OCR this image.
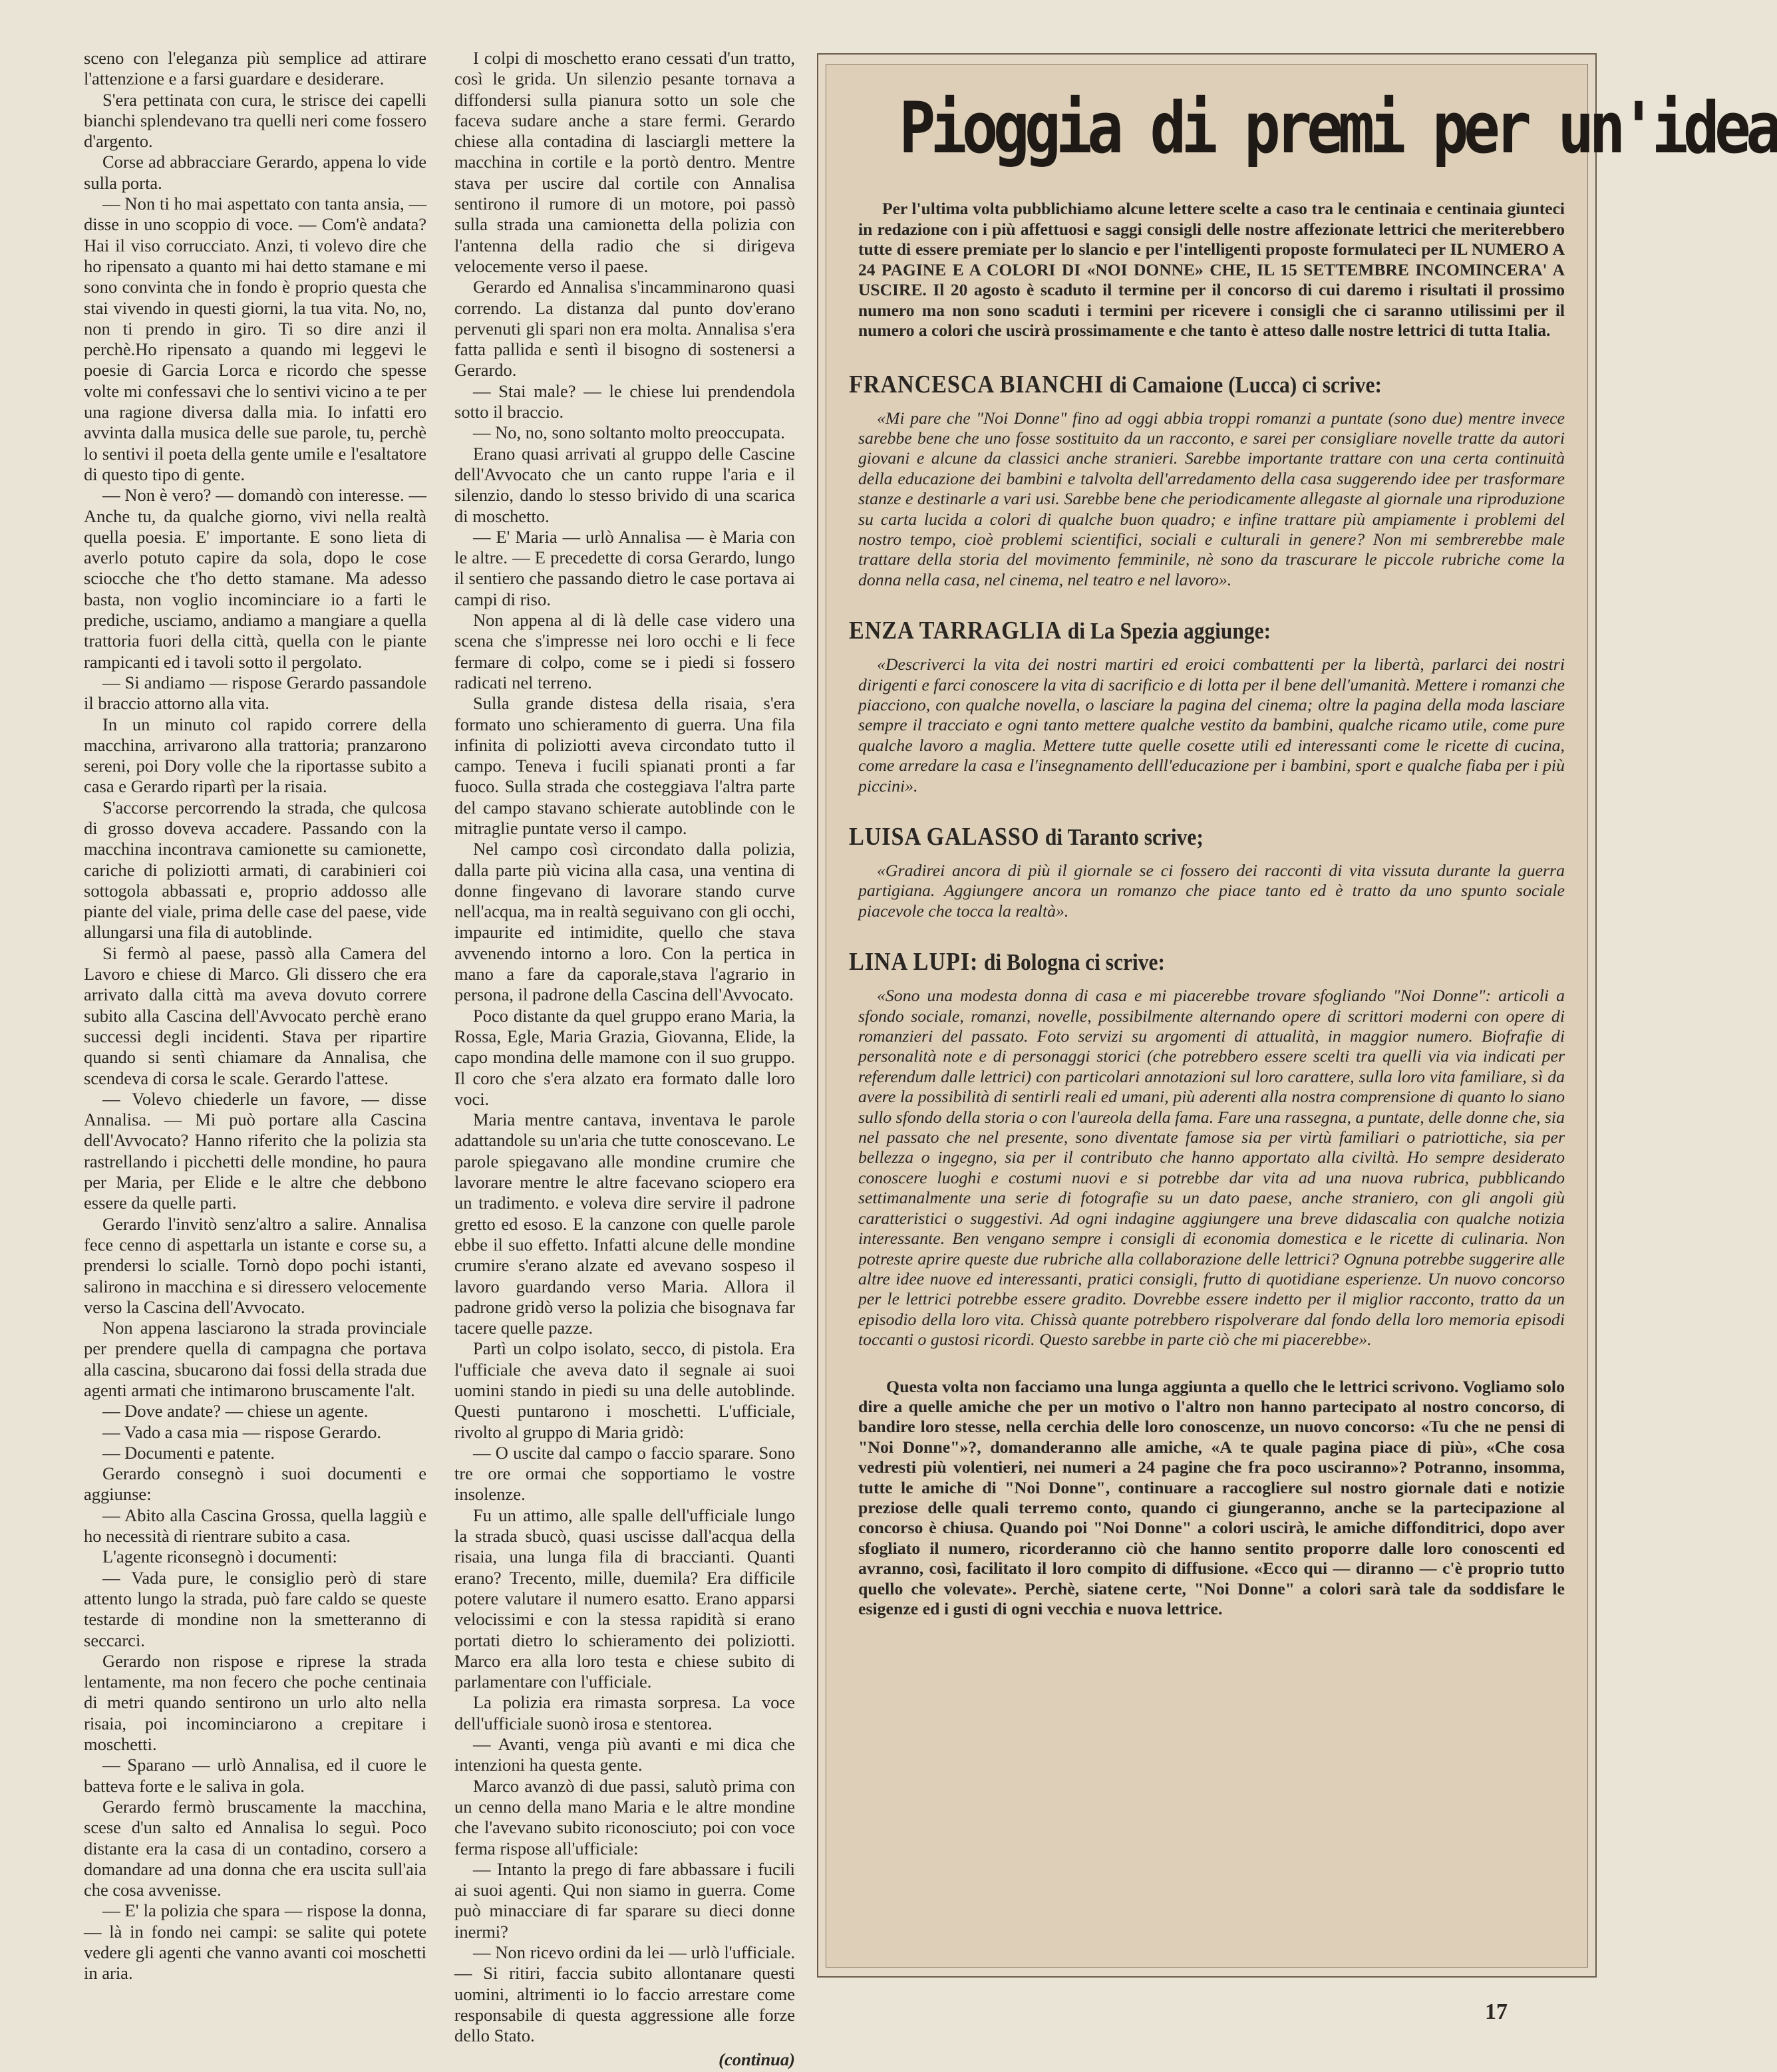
sceno con l'eleganza più semplice ad attirare l'attenzione e a farsi guardare e desiderare.

S'era pettinata con cura, le strisce dei capelli bianchi splendevano tra quelli neri come fossero d'argento.

Corse ad abbracciare Gerardo, appena lo vide sulla porta.

— Non ti ho mai aspettato con tanta ansia, — disse in uno scoppio di voce. — Com'è andata? Hai il viso corrucciato. Anzi, ti volevo dire che ho ripensato a quanto mi hai detto stamane e mi sono convinta che in fondo è proprio questa che stai vivendo in questi giorni, la tua vita. No, no, non ti prendo in giro. Ti so dire anzi il perchè.Ho ripensato a quando mi leggevi le poesie di Garcia Lorca e ricordo che spesse volte mi confessavi che lo sentivi vicino a te per una ragione diversa dalla mia. Io infatti ero avvinta dalla musica delle sue parole, tu, perchè lo sentivi il poeta della gente umile e l'esaltatore di questo tipo di gente.

— Non è vero? — domandò con interesse. — Anche tu, da qualche giorno, vivi nella realtà quella poesia. E' importante. E sono lieta di averlo potuto capire da sola, dopo le cose sciocche che t'ho detto stamane. Ma adesso basta, non voglio incominciare io a farti le prediche, usciamo, andiamo a mangiare a quella trattoria fuori della città, quella con le piante rampicanti ed i tavoli sotto il pergolato.

— Si andiamo — rispose Gerardo passandole il braccio attorno alla vita.

In un minuto col rapido correre della macchina, arrivarono alla trattoria; pranzarono sereni, poi Dory volle che la riportasse subito a casa e Gerardo ripartì per la risaia.

S'accorse percorrendo la strada, che qulcosa di grosso doveva accadere. Passando con la macchina incontrava camionette su camionette, cariche di poliziotti armati, di carabinieri coi sottogola abbassati e, proprio addosso alle piante del viale, prima delle case del paese, vide allungarsi una fila di autoblinde.

Si fermò al paese, passò alla Camera del Lavoro e chiese di Marco. Gli dissero che era arrivato dalla città ma aveva dovuto correre subito alla Cascina dell'Avvocato perchè erano successi degli incidenti. Stava per ripartire quando si sentì chiamare da Annalisa, che scendeva di corsa le scale. Gerardo l'attese.

— Volevo chiederle un favore, — disse Annalisa. — Mi può portare alla Cascina dell'Avvocato? Hanno riferito che la polizia sta rastrellando i picchetti delle mondine, ho paura per Maria, per Elide e le altre che debbono essere da quelle parti.

Gerardo l'invitò senz'altro a salire. Annalisa fece cenno di aspettarla un istante e corse su, a prendersi lo scialle. Tornò dopo pochi istanti, salirono in macchina e si diressero velocemente verso la Cascina dell'Avvocato.

Non appena lasciarono la strada provinciale per prendere quella di campagna che portava alla cascina, sbucarono dai fossi della strada due agenti armati che intimarono bruscamente l'alt.

— Dove andate? — chiese un agente.

— Vado a casa mia — rispose Gerardo.

— Documenti e patente.

Gerardo consegnò i suoi documenti e aggiunse:

— Abito alla Cascina Grossa, quella laggiù e ho necessità di rientrare subito a casa.

L'agente riconsegnò i documenti:

— Vada pure, le consiglio però di stare attento lungo la strada, può fare caldo se queste testarde di mondine non la smetteranno di seccarci.

Gerardo non rispose e riprese la strada lentamente, ma non fecero che poche centinaia di metri quando sentirono un urlo alto nella risaia, poi incominciarono a crepitare i moschetti.

— Sparano — urlò Annalisa, ed il cuore le batteva forte e le saliva in gola.

Gerardo fermò bruscamente la macchina, scese d'un salto ed Annalisa lo seguì. Poco distante era la casa di un contadino, corsero a domandare ad una donna che era uscita sull'aia che cosa avvenisse.

— E' la polizia che spara — rispose la donna, — là in fondo nei campi: se salite qui potete vedere gli agenti che vanno avanti coi moschetti in aria.

I colpi di moschetto erano cessati d'un tratto, così le grida. Un silenzio pesante tornava a diffondersi sulla pianura sotto un sole che faceva sudare anche a stare fermi. Gerardo chiese alla contadina di lasciargli mettere la macchina in cortile e la portò dentro. Mentre stava per uscire dal cortile con Annalisa sentirono il rumore di un motore, poi passò sulla strada una camionetta della polizia con l'antenna della radio che si dirigeva velocemente verso il paese.

Gerardo ed Annalisa s'incamminarono quasi correndo. La distanza dal punto dov'erano pervenuti gli spari non era molta. Annalisa s'era fatta pallida e sentì il bisogno di sostenersi a Gerardo.

— Stai male? — le chiese lui prendendola sotto il braccio.

— No, no, sono soltanto molto preoccupata.

Erano quasi arrivati al gruppo delle Cascine dell'Avvocato che un canto ruppe l'aria e il silenzio, dando lo stesso brivido di una scarica di moschetto.

— E' Maria — urlò Annalisa — è Maria con le altre. — E precedette di corsa Gerardo, lungo il sentiero che passando dietro le case portava ai campi di riso.

Non appena al di là delle case videro una scena che s'impresse nei loro occhi e li fece fermare di colpo, come se i piedi si fossero radicati nel terreno.

Sulla grande distesa della risaia, s'era formato uno schieramento di guerra. Una fila infinita di poliziotti aveva circondato tutto il campo. Teneva i fucili spianati pronti a far fuoco. Sulla strada che costeggiava l'altra parte del campo stavano schierate autoblinde con le mitraglie puntate verso il campo.

Nel campo così circondato dalla polizia, dalla parte più vicina alla casa, una ventina di donne fingevano di lavorare stando curve nell'acqua, ma in realtà seguivano con gli occhi, impaurite ed intimidite, quello che stava avvenendo intorno a loro. Con la pertica in mano a fare da caporale,stava l'agrario in persona, il padrone della Cascina dell'Avvocato.

Poco distante da quel gruppo erano Maria, la Rossa, Egle, Maria Grazia, Giovanna, Elide, la capo mondina delle mamone con il suo gruppo. Il coro che s'era alzato era formato dalle loro voci.

Maria mentre cantava, inventava le parole adattandole su un'aria che tutte conoscevano. Le parole spiegavano alle mondine crumire che lavorare mentre le altre facevano sciopero era un tradimento. e voleva dire servire il padrone gretto ed esoso. E la canzone con quelle parole ebbe il suo effetto. Infatti alcune delle mondine crumire s'erano alzate ed avevano sospeso il lavoro guardando verso Maria. Allora il padrone gridò verso la polizia che bisognava far tacere quelle pazze.

Partì un colpo isolato, secco, di pistola. Era l'ufficiale che aveva dato il segnale ai suoi uomini stando in piedi su una delle autoblinde. Questi puntarono i moschetti. L'ufficiale, rivolto al gruppo di Maria gridò:

— O uscite dal campo o faccio sparare. Sono tre ore ormai che sopportiamo le vostre insolenze.

Fu un attimo, alle spalle dell'ufficiale lungo la strada sbucò, quasi uscisse dall'acqua della risaia, una lunga fila di braccianti. Quanti erano? Trecento, mille, duemila? Era difficile potere valutare il numero esatto. Erano apparsi velocissimi e con la stessa rapidità si erano portati dietro lo schieramento dei poliziotti. Marco era alla loro testa e chiese subito di parlamentare con l'ufficiale.

La polizia era rimasta sorpresa. La voce dell'ufficiale suonò irosa e stentorea.

— Avanti, venga più avanti e mi dica che intenzioni ha questa gente.

Marco avanzò di due passi, salutò prima con un cenno della mano Maria e le altre mondine che l'avevano subito riconosciuto; poi con voce ferma rispose all'ufficiale:

— Intanto la prego di fare abbassare i fucili ai suoi agenti. Qui non siamo in guerra. Come può minacciare di far sparare su dieci donne inermi?

— Non ricevo ordini da lei — urlò l'ufficiale. — Si ritiri, faccia subito allontanare questi uomini, altrimenti io lo faccio arrestare come responsabile di questa aggressione alle forze dello Stato.

(continua)
Pioggia di premi per un'idea
Per l'ultima volta pubblichiamo alcune lettere scelte a caso tra le centinaia e centinaia giunteci in redazione con i più affettuosi e saggi consigli delle nostre affezionate lettrici che meriterebbero tutte di essere premiate per lo slancio e per l'intelligenti proposte formulateci per IL NUMERO A 24 PAGINE E A COLORI DI «NOI DONNE» CHE, IL 15 SETTEMBRE INCOMINCERA' A USCIRE. Il 20 agosto è scaduto il termine per il concorso di cui daremo i risultati il prossimo numero ma non sono scaduti i termini per ricevere i consigli che ci saranno utilissimi per il numero a colori che uscirà prossimamente e che tanto è atteso dalle nostre lettrici di tutta Italia.
FRANCESCA BIANCHI di Camaione (Lucca) ci scrive:
«Mi pare che "Noi Donne" fino ad oggi abbia troppi romanzi a puntate (sono due) mentre invece sarebbe bene che uno fosse sostituito da un racconto, e sarei per consigliare novelle tratte da autori giovani e alcune da classici anche stranieri. Sarebbe importante trattare con una certa continuità della educazione dei bambini e talvolta dell'arredamento della casa suggerendo idee per trasformare stanze e destinarle a vari usi. Sarebbe bene che periodicamente allegaste al giornale una riproduzione su carta lucida a colori di qualche buon quadro; e infine trattare più ampiamente i problemi del nostro tempo, cioè problemi scientifici, sociali e culturali in genere? Non mi sembrerebbe male trattare della storia del movimento femminile, nè sono da trascurare le piccole rubriche come la donna nella casa, nel cinema, nel teatro e nel lavoro».
ENZA TARRAGLIA di La Spezia aggiunge:
«Descriverci la vita dei nostri martiri ed eroici combattenti per la libertà, parlarci dei nostri dirigenti e farci conoscere la vita di sacrificio e di lotta per il bene dell'umanità. Mettere i romanzi che piacciono, con qualche novella, o lasciare la pagina del cinema; oltre la pagina della moda lasciare sempre il tracciato e ogni tanto mettere qualche vestito da bambini, qualche ricamo utile, come pure qualche lavoro a maglia. Mettere tutte quelle cosette utili ed interessanti come le ricette di cucina, come arredare la casa e l'insegnamento delll'educazione per i bambini, sport e qualche fiaba per i più piccini».
LUISA GALASSO di Taranto scrive;
«Gradirei ancora di più il giornale se ci fossero dei racconti di vita vissuta durante la guerra partigiana. Aggiungere ancora un romanzo che piace tanto ed è tratto da uno spunto sociale piacevole che tocca la realtà».
LINA LUPI: di Bologna ci scrive:
«Sono una modesta donna di casa e mi piacerebbe trovare sfogliando "Noi Donne": articoli a sfondo sociale, romanzi, novelle, possibilmente alternando opere di scrittori moderni con opere di romanzieri del passato. Foto servizi su argomenti di attualità, in maggior numero. Biofrafie di personalità note e di personaggi storici (che potrebbero essere scelti tra quelli via via indicati per referendum dalle lettrici) con particolari annotazioni sul loro carattere, sulla loro vita familiare, sì da avere la possibilità di sentirli reali ed umani, più aderenti alla nostra comprensione di quanto lo siano sullo sfondo della storia o con l'aureola della fama. Fare una rassegna, a puntate, delle donne che, sia nel passato che nel presente, sono diventate famose sia per virtù familiari o patriottiche, sia per bellezza o ingegno, sia per il contributo che hanno apportato alla civiltà. Ho sempre desiderato conoscere luoghi e costumi nuovi e si potrebbe dar vita ad una nuova rubrica, pubblicando settimanalmente una serie di fotografie su un dato paese, anche straniero, con gli angoli giù caratteristici o suggestivi. Ad ogni indagine aggiungere una breve didascalia con qualche notizia interessante. Ben vengano sempre i consigli di economia domestica e le ricette di culinaria. Non potreste aprire queste due rubriche alla collaborazione delle lettrici? Ognuna potrebbe suggerire alle altre idee nuove ed interessanti, pratici consigli, frutto di quotidiane esperienze. Un nuovo concorso per le lettrici potrebbe essere gradito. Dovrebbe essere indetto per il miglior racconto, tratto da un episodio della loro vita. Chissà quante potrebbero rispolverare dal fondo della loro memoria episodi toccanti o gustosi ricordi. Questo sarebbe in parte ciò che mi piacerebbe».
Questa volta non facciamo una lunga aggiunta a quello che le lettrici scrivono. Vogliamo solo dire a quelle amiche che per un motivo o l'altro non hanno partecipato al nostro concorso, di bandire loro stesse, nella cerchia delle loro conoscenze, un nuovo concorso: «Tu che ne pensi di "Noi Donne"»?, domanderanno alle amiche, «A te quale pagina piace di più», «Che cosa vedresti più volentieri, nei numeri a 24 pagine che fra poco usciranno»? Potranno, insomma, tutte le amiche di "Noi Donne", continuare a raccogliere sul nostro giornale dati e notizie preziose delle quali terremo conto, quando ci giungeranno, anche se la partecipazione al concorso è chiusa. Quando poi "Noi Donne" a colori uscirà, le amiche diffonditrici, dopo aver sfogliato il numero, ricorderanno ciò che hanno sentito proporre dalle loro conoscenti ed avranno, così, facilitato il loro compito di diffusione. «Ecco qui — diranno — c'è proprio tutto quello che volevate». Perchè, siatene certe, "Noi Donne" a colori sarà tale da soddisfare le esigenze ed i gusti di ogni vecchia e nuova lettrice.
17
